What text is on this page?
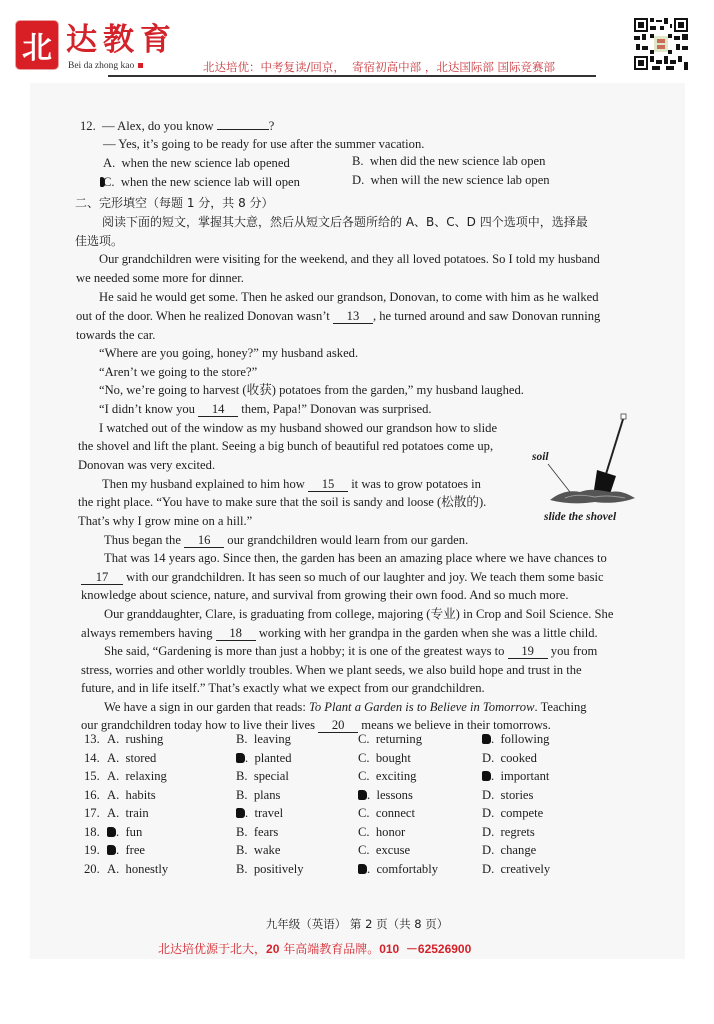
北 达教育
Bei da zhong kao	北达培优：中考复读/回京，  寄宿初高中部 ，北达国际部 国际竞赛部
12. — Alex, do you know	?
— Yes, it’s going to be ready for use after the summer vacation.
A. when the new science lab opened	B. when did the new science lab open
C. when the new science lab will open	D. when will the new science lab open
二、完形填空（每题 1 分，共 8 分）
阅读下面的短文，掌握其大意，然后从短文后各题所给的 A、B、C、D 四个选项中，选择最
佳选项。
Our grandchildren were visiting for the weekend, and they all loved potatoes. So I told my husband
we needed some more for dinner.
He said he would get some. Then he asked our grandson, Donovan, to come with him as he walked
out of the door. When he realized Donovan wasn’t 13 , he turned around and saw Donovan running
towards the car.
“Where are you going, honey?” my husband asked.
“Aren’t we going to the store?”
“No, we’re going to harvest (收获) potatoes from the garden,” my husband laughed.
“I didn’t know you 14 them, Papa!” Donovan was surprised.
I watched out of the window as my husband showed our grandson how to slide
the shovel and lift the plant. Seeing a big bunch of beautiful red potatoes come up,
Donovan was very excited.
Then my husband explained to him how 15 it was to grow potatoes in
the right place. “You have to make sure that the soil is sandy and loose (松散的).
That’s why I grow mine on a hill.”
Thus began the 16 our grandchildren would learn from our garden.
That was 14 years ago. Since then, the garden has been an amazing place where we have chances to
17 with our grandchildren. It has seen so much of our laughter and joy. We teach them some basic
knowledge about science, nature, and survival from growing their own food. And so much more.
Our granddaughter, Clare, is graduating from college, majoring (专业) in Crop and Soil Science. She
always remembers having 18 working with her grandpa in the garden when she was a little child.
She said, “Gardening is more than just a hobby; it is one of the greatest ways to 19 you from
stress, worries and other worldly troubles. When we plant seeds, we also build hope and trust in the
future, and in life itself.” That’s exactly what we expect from our grandchildren.
We have a sign in our garden that reads: To Plant a Garden is to Believe in Tomorrow. Teaching
our grandchildren today how to live their lives 20 means we believe in their tomorrows.
soil
slide the shovel
13. A. rushing	B. leaving	C. returning	. following
14. A. stored	. planted	C. bought	D. cooked
15. A. relaxing	B. special	C. exciting	. important
16. A. habits	B. plans	. lessons	D. stories
17. A. train	. travel	C. connect	D. compete
18.	. fun	B. fears	C. honor	D. regrets
19.	. free	B. wake	C. excuse	D. change
20. A. honestly	B. positively	. comfortably	D. creatively
九年级（英语） 第 2 页（共 8 页）
北达培优源于北大，20 年高端教育品牌。010  －62526900
